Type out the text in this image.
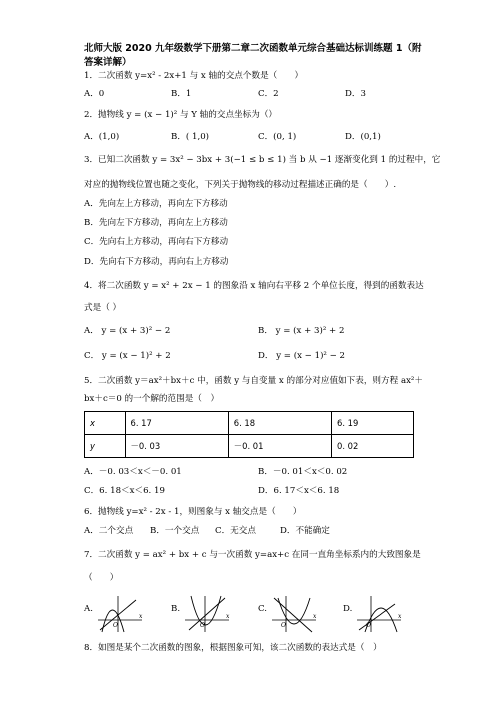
北师大版 2020 九年级数学下册第二章二次函数单元综合基础达标训练题 1（附答案详解）
1．二次函数 y=x² - 2x+1 与 x 轴的交点个数是（　　）
A．0	B．1	C．2	D．3
2．抛物线 y = (x − 1)² 与 Y 轴的交点坐标为（）
A．(1,0)	B．( 1,0)	C．(0, 1)	D．(0,1)
3．已知二次函数 y = 3x² − 3bx + 3(−1 ≤ b ≤ 1) 当 b 从 −1 逐渐变化到 1 的过程中，它
对应的抛物线位置也随之变化，下列关于抛物线的移动过程描述正确的是（　　）.
A．先向左上方移动，再向左下方移动
B．先向左下方移动，再向左上方移动
C．先向右上方移动，再向右下方移动
D．先向右下方移动，再向右上方移动
4．将二次函数 y = x² + 2x − 1 的图象沿 x 轴向右平移 2 个单位长度，得到的函数表达
式是（ ）
A． y = (x + 3)² − 2	B． y = (x + 3)² + 2
C． y = (x − 1)² + 2	D． y = (x − 1)² − 2
5．二次函数 y＝ax²＋bx＋c 中，函数 y 与自变量 x 的部分对应值如下表，则方程 ax²＋
bx＋c＝0 的一个解的范围是（　）
x	6. 17	6. 18	6. 19
y	－0. 03	－0. 01	0. 02
A．－0. 03＜x＜－0. 01	B．－0. 01＜x＜0. 02
C．6. 18＜x＜6. 19	D．6. 17＜x＜6. 18
6．抛物线 y=x² - 2x - 1，则图象与 x 轴交点是（　　）
A．二个交点 B．一个交点 C．无交点	D．不能确定
7．二次函数 y = ax² + bx + c 与一次函数 y=ax+c 在同一直角坐标系内的大致图象是
（　　）
A.	B.	C.	D.
O
x
O
x
O
x
O
x
8．如图是某个二次函数的图象，根据图象可知，该二次函数的表达式是（　）
